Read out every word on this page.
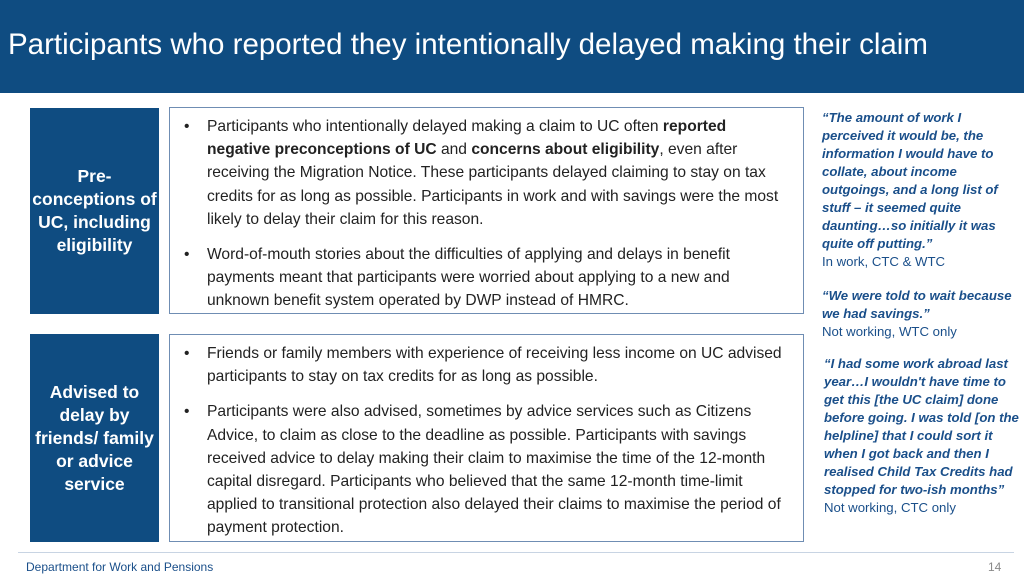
Participants who reported they intentionally delayed making their claim
Pre-conceptions of UC, including eligibility
• Participants who intentionally delayed making a claim to UC often reported negative preconceptions of UC and concerns about eligibility, even after receiving the Migration Notice. These participants delayed claiming to stay on tax credits for as long as possible. Participants in work and with savings were the most likely to delay their claim for this reason.
• Word-of-mouth stories about the difficulties of applying and delays in benefit payments meant that participants were worried about applying to a new and unknown benefit system operated by DWP instead of HMRC.
Advised to delay by friends/ family or advice service
• Friends or family members with experience of receiving less income on UC advised participants to stay on tax credits for as long as possible.
• Participants were also advised, sometimes by advice services such as Citizens Advice, to claim as close to the deadline as possible. Participants with savings received advice to delay making their claim to maximise the time of the 12-month capital disregard. Participants who believed that the same 12-month time-limit applied to transitional protection also delayed their claims to maximise the period of payment protection.
“The amount of work I perceived it would be, the information I would have to collate, about income outgoings, and a long list of stuff – it seemed quite daunting…so initially it was quite off putting.”
In work, CTC & WTC
“We were told to wait because we had savings.”
Not working, WTC only
“I had some work abroad last year…I wouldn't have time to get this [the UC claim] done before going. I was told [on the helpline] that I could sort it when I got back and then I realised Child Tax Credits had stopped for two-ish months”
Not working, CTC only
Department for Work and Pensions	14
